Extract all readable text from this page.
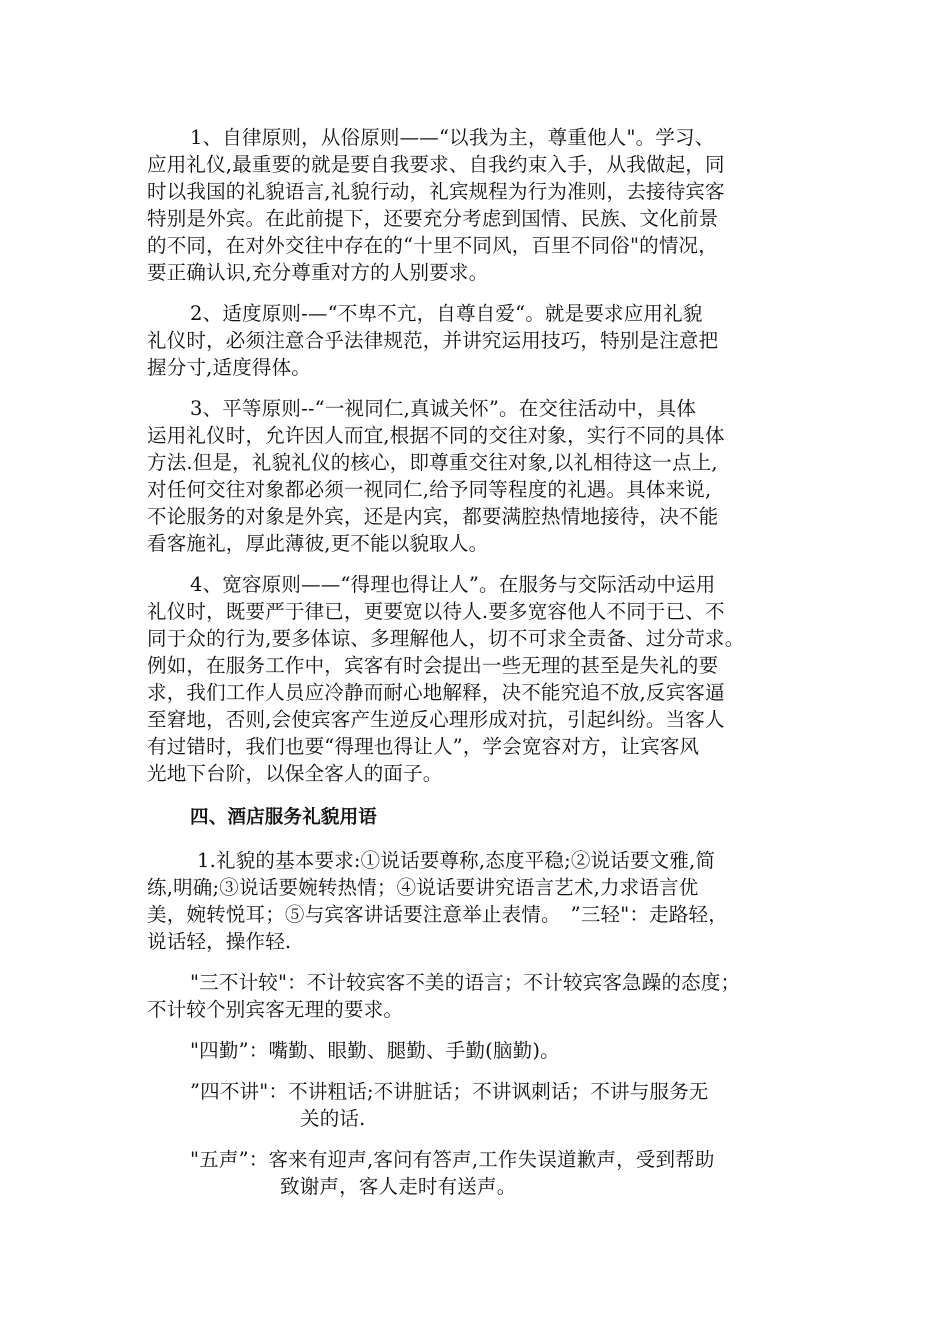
1、自律原则，从俗原则——“以我为主，尊重他人"。学习、
应用礼仪,最重要的就是要自我要求、自我约束入手，从我做起，同
时以我国的礼貌语言,礼貌行动，礼宾规程为行为准则，去接待宾客
特别是外宾。在此前提下，还要充分考虑到国情、民族、文化前景
的不同，在对外交往中存在的“十里不同风，百里不同俗"的情况，
要正确认识,充分尊重对方的人别要求。
2、适度原则-—“不卑不亢，自尊自爱“。就是要求应用礼貌
礼仪时，必须注意合乎法律规范，并讲究运用技巧，特别是注意把
握分寸,适度得体。
3、平等原则--“一视同仁,真诚关怀”。在交往活动中，具体
运用礼仪时，允许因人而宜,根据不同的交往对象，实行不同的具体
方法.但是，礼貌礼仪的核心，即尊重交往对象,以礼相待这一点上,
对任何交往对象都必须一视同仁,给予同等程度的礼遇。具体来说,
不论服务的对象是外宾，还是内宾，都要满腔热情地接待，决不能
看客施礼，厚此薄彼,更不能以貌取人。
4、宽容原则——“得理也得让人”。在服务与交际活动中运用
礼仪时，既要严于律已，更要宽以待人.要多宽容他人不同于已、不
同于众的行为,要多体谅、多理解他人，切不可求全责备、过分苛求。
例如，在服务工作中，宾客有时会提出一些无理的甚至是失礼的要
求，我们工作人员应冷静而耐心地解释，决不能究追不放,反宾客逼
至窘地，否则,会使宾客产生逆反心理形成对抗，引起纠纷。当客人
有过错时，我们也要“得理也得让人”，学会宽容对方，让宾客风
光地下台阶，以保全客人的面子。
四、酒店服务礼貌用语
1.礼貌的基本要求:①说话要尊称,态度平稳;②说话要文雅,简
练,明确;③说话要婉转热情；④说话要讲究语言艺术,力求语言优
美，婉转悦耳；⑤与宾客讲话要注意举止表情。　”三轻"：走路轻，
说话轻，操作轻.
"三不计较"：不计较宾客不美的语言；不计较宾客急躁的态度；
不计较个别宾客无理的要求。
"四勤”：嘴勤、眼勤、腿勤、手勤(脑勤)。
”四不讲"：不讲粗话;不讲脏话；不讲讽刺话；不讲与服务无
关的话.
"五声”：客来有迎声,客问有答声,工作失误道歉声，受到帮助
致谢声，客人走时有送声。
